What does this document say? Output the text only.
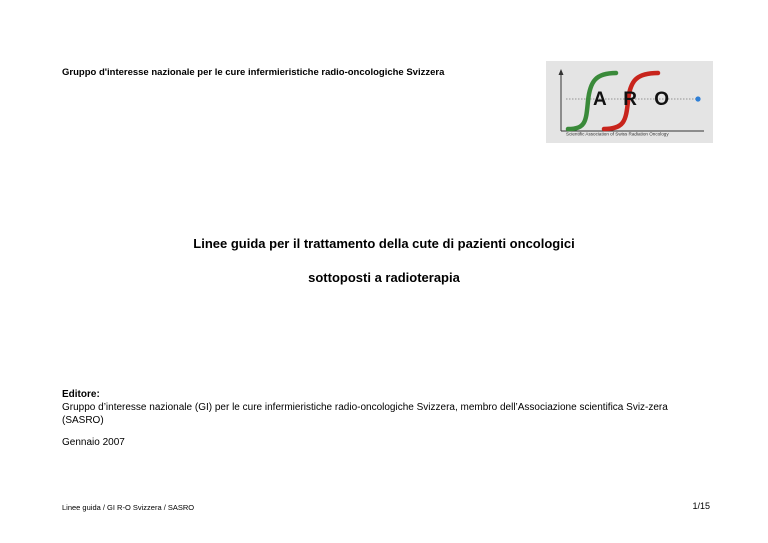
Gruppo d'interesse nazionale per le cure infermieristiche radio-oncologiche Svizzera
A R O
Scientific Association of Swiss Radiation Oncology
Linee guida per il trattamento della cute di pazienti oncologici
sottoposti a radioterapia
Editore:
Gruppo d’interesse nazionale (GI) per le cure infermieristiche radio-oncologiche Svizzera, membro dell’Associazione scientifica Sviz-zera (SASRO)
Gennaio 2007
Linee guida / GI R-O Svizzera / SASRO	1/15
